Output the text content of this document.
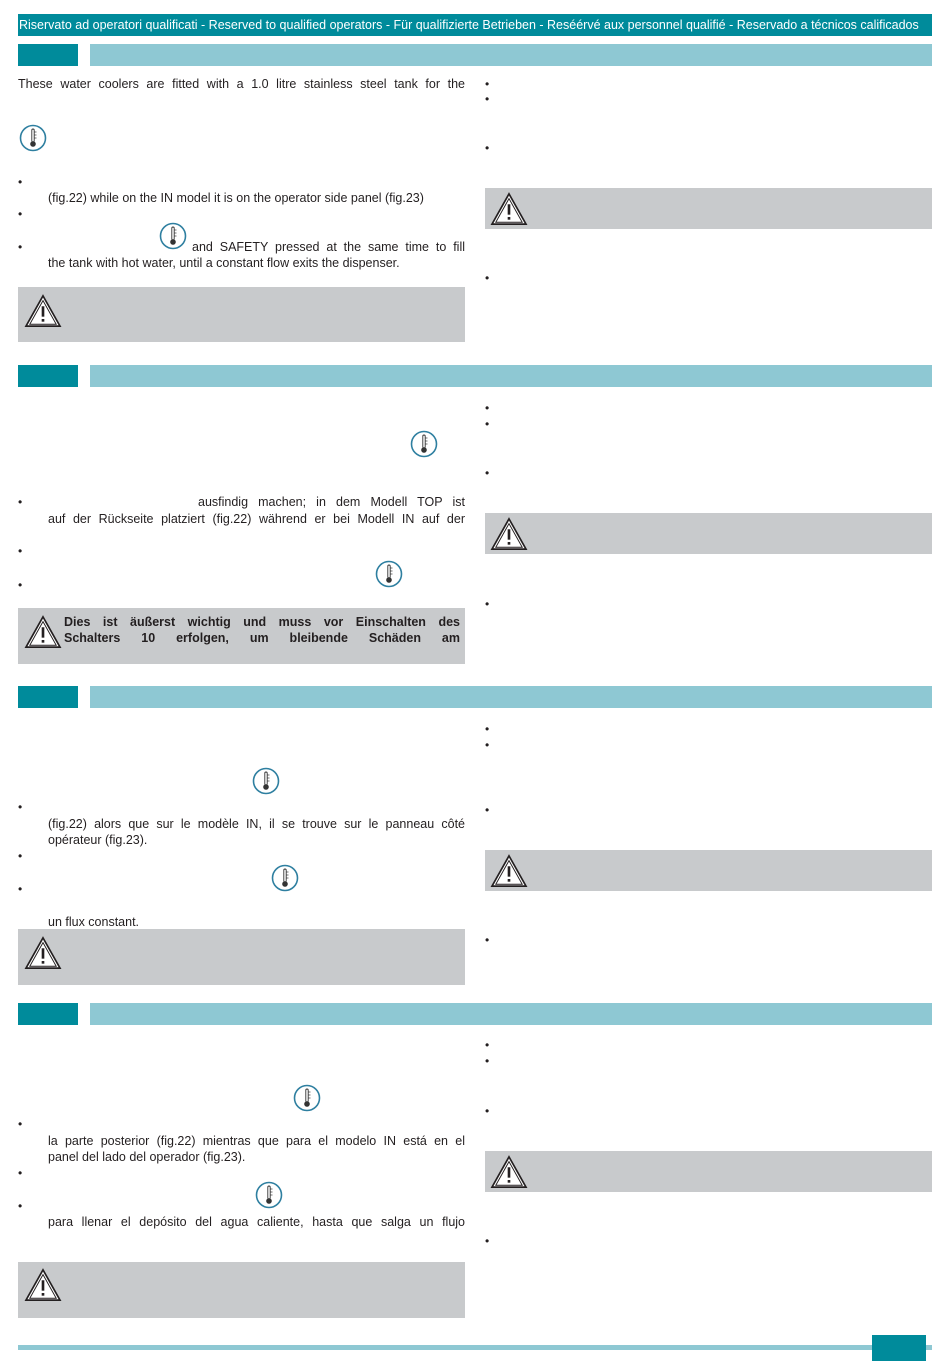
Riservato ad operatori qualificati - Reserved to qualified operators - Für qualifizierte Betrieben - Reséérvé aux personnel qualifié - Reservado a técnicos calificados
These water coolers are fitted with a 1.0 litre stainless steel tank for the
•
(fig.22) while on the IN model it is on the operator side panel (fig.23)
•
•	and SAFETY pressed at the same time to fill
the tank with hot water, until a constant flow exits the dispenser.
•
•
•
•
•	ausfindig machen; in dem Modell TOP ist
auf der Rückseite platziert (fig.22) während er bei Modell IN auf der
•
•
Dies ist äußerst wichtig und muss vor Einschalten des
Schalters 10 erfolgen, um bleibende Schäden am
•
•
•
•
•
(fig.22) alors que sur le modèle IN, il se trouve sur le panneau côté
opérateur (fig.23).
•
•
un flux constant.
•
•
•
•
•
la parte posterior (fig.22) mientras que para el modelo IN está en el
panel del lado del operador (fig.23).
•
•
para llenar el depósito del agua caliente, hasta que salga un flujo
•
•
•
•
